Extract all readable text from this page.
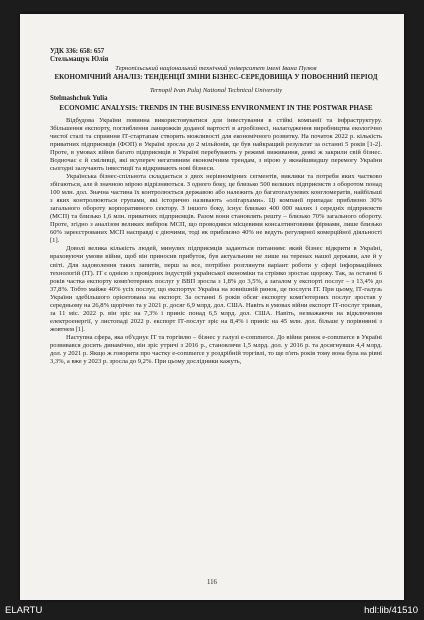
УДК 336: 658: 657
Стельмащук Юлія
Тернопільський національний технічний університет імені Івана Пулюя
ЕКОНОМІЧНИЙ АНАЛІЗ: ТЕНДЕНЦІЇ ЗМІНИ БІЗНЕС-СЕРЕДОВИЩА У ПОВОЄННИЙ ПЕРІОД
Ternopil Ivan Puluj National Technical University
Stelmashchuk Yulia
ECONOMIC ANALYSIS: TRENDS IN THE BUSINESS ENVIRONMENT IN THE POSTWAR PHASE

Відбудова України повинна використовуватися для інвестування в стійкі компанії та інфраструктуру. Збільшення експорту, поглиблення ланцюжків доданої вартості в агробізнесі, налагодження виробництва екологічно чистої сталі та сприяння ІТ-стартапам створять можливості для економічного розвитку. На початок 2022 р. кількість приватних підприємців (ФОП) в Україні зросла до 2 мільйонів, це був найкращий результат за останні 5 років [1-2]. Проте, в умовах війни багато підприємців в Україні перебувають у режимі виживання, деякі ж закрили свій бізнес. Водночас є й сміливці, які всупереч негативним економічним трендам, з вірою у якнайшвидшу перемогу України сьогодні залучають інвестиції та відкривають нові бізнеси.

Українська бізнес-спільнота складається з двох нерівномірних сегментів, виклики та потреби яких частково збігаються, але й значною мірою відрізняються. З одного боку, це близько 500 великих підприємств з оборотом понад 100 млн. дол. Значна частина їх контролюється державою або належить до багатогалузевих конгломератів, найбільші з яких контролюються групами, які історично називають «олігархами». Ці компанії припадає приблизно 30% загального обороту корпоративного сектору. З іншого боку, існує близько 400 000 малих і середніх підприємств (МСП) та близько 1,6 млн. приватних підприємців. Разом вони становлять решту – близько 70% загального обороту. Проте, згідно з аналізом великих вибірок МСП, що проводився місцевими консалтинговими фірмами, лише близько 60% зареєстрованих МСП насправді є діючими, тоді як приблизно 40% не ведуть регулярної комерційної діяльності [1].

Доволі велика кількість людей, минулих підприємців задаються питанням: який бізнес відкрити в Україні, враховуючи умови війни, щоб він приносив прибуток, був актуальним не лише на теренах нашої держави, але й у світі. Для задоволення таких запитів, перш за все, потрібно розглянути варіант роботи у сфері інформаційних технологій (ІТ). ІТ є однією з провідних індустрій української економіки та стрімко зростає щороку. Так, за останні 6 років частка експорту комп'ютерних послуг у ВВП зросла з 1,8% до 3,5%, а загалом у експорті послуг – з 13,4% до 37,8%. Тобто майже 40% усіх послуг, що експортує Україна на зовнішній ринок, це послуги ІТ. При цьому, ІТ-галузь України здебільшого орієнтована на експорт. За останні 6 років обсяг експорту комп'ютерних послуг зростав у середньому на 26,8% щорічно та у 2021 р. досяг 6,9 млрд. дол. США. Навіть в умовах війни експорт ІТ-послуг тривав, за 11 міс. 2022 р. він зріс на 7,3% і приніс понад 6,5 млрд. дол. США. Навіть, незважаючи на відключення електроенергії, у листопаді 2022 р. експорт ІТ-послуг зріс на 8,4% і приніс на 45 млн. дол. більше у порівнянні з жовтнем [1].

Наступна сфера, яка об'єднує ІТ та торгівлю – бізнес у галузі e-commerce. До війни ринок e-commerce в Україні розвивався досить динамічно, він зріс утричі з 2016 р., становлячи 1,5 млрд. дол. у 2016 р. та досягнувши 4,4 млрд. дол. у 2021 р. Якщо ж говорити про частку e-commerce у роздрібній торгівлі, то ще п'ять років тому вона була на рівні 3,3%, а вже у 2023 р. зросла до 9,2%. При цьому дослідники кажуть,

116
ELARTU	hdl:lib/41510
